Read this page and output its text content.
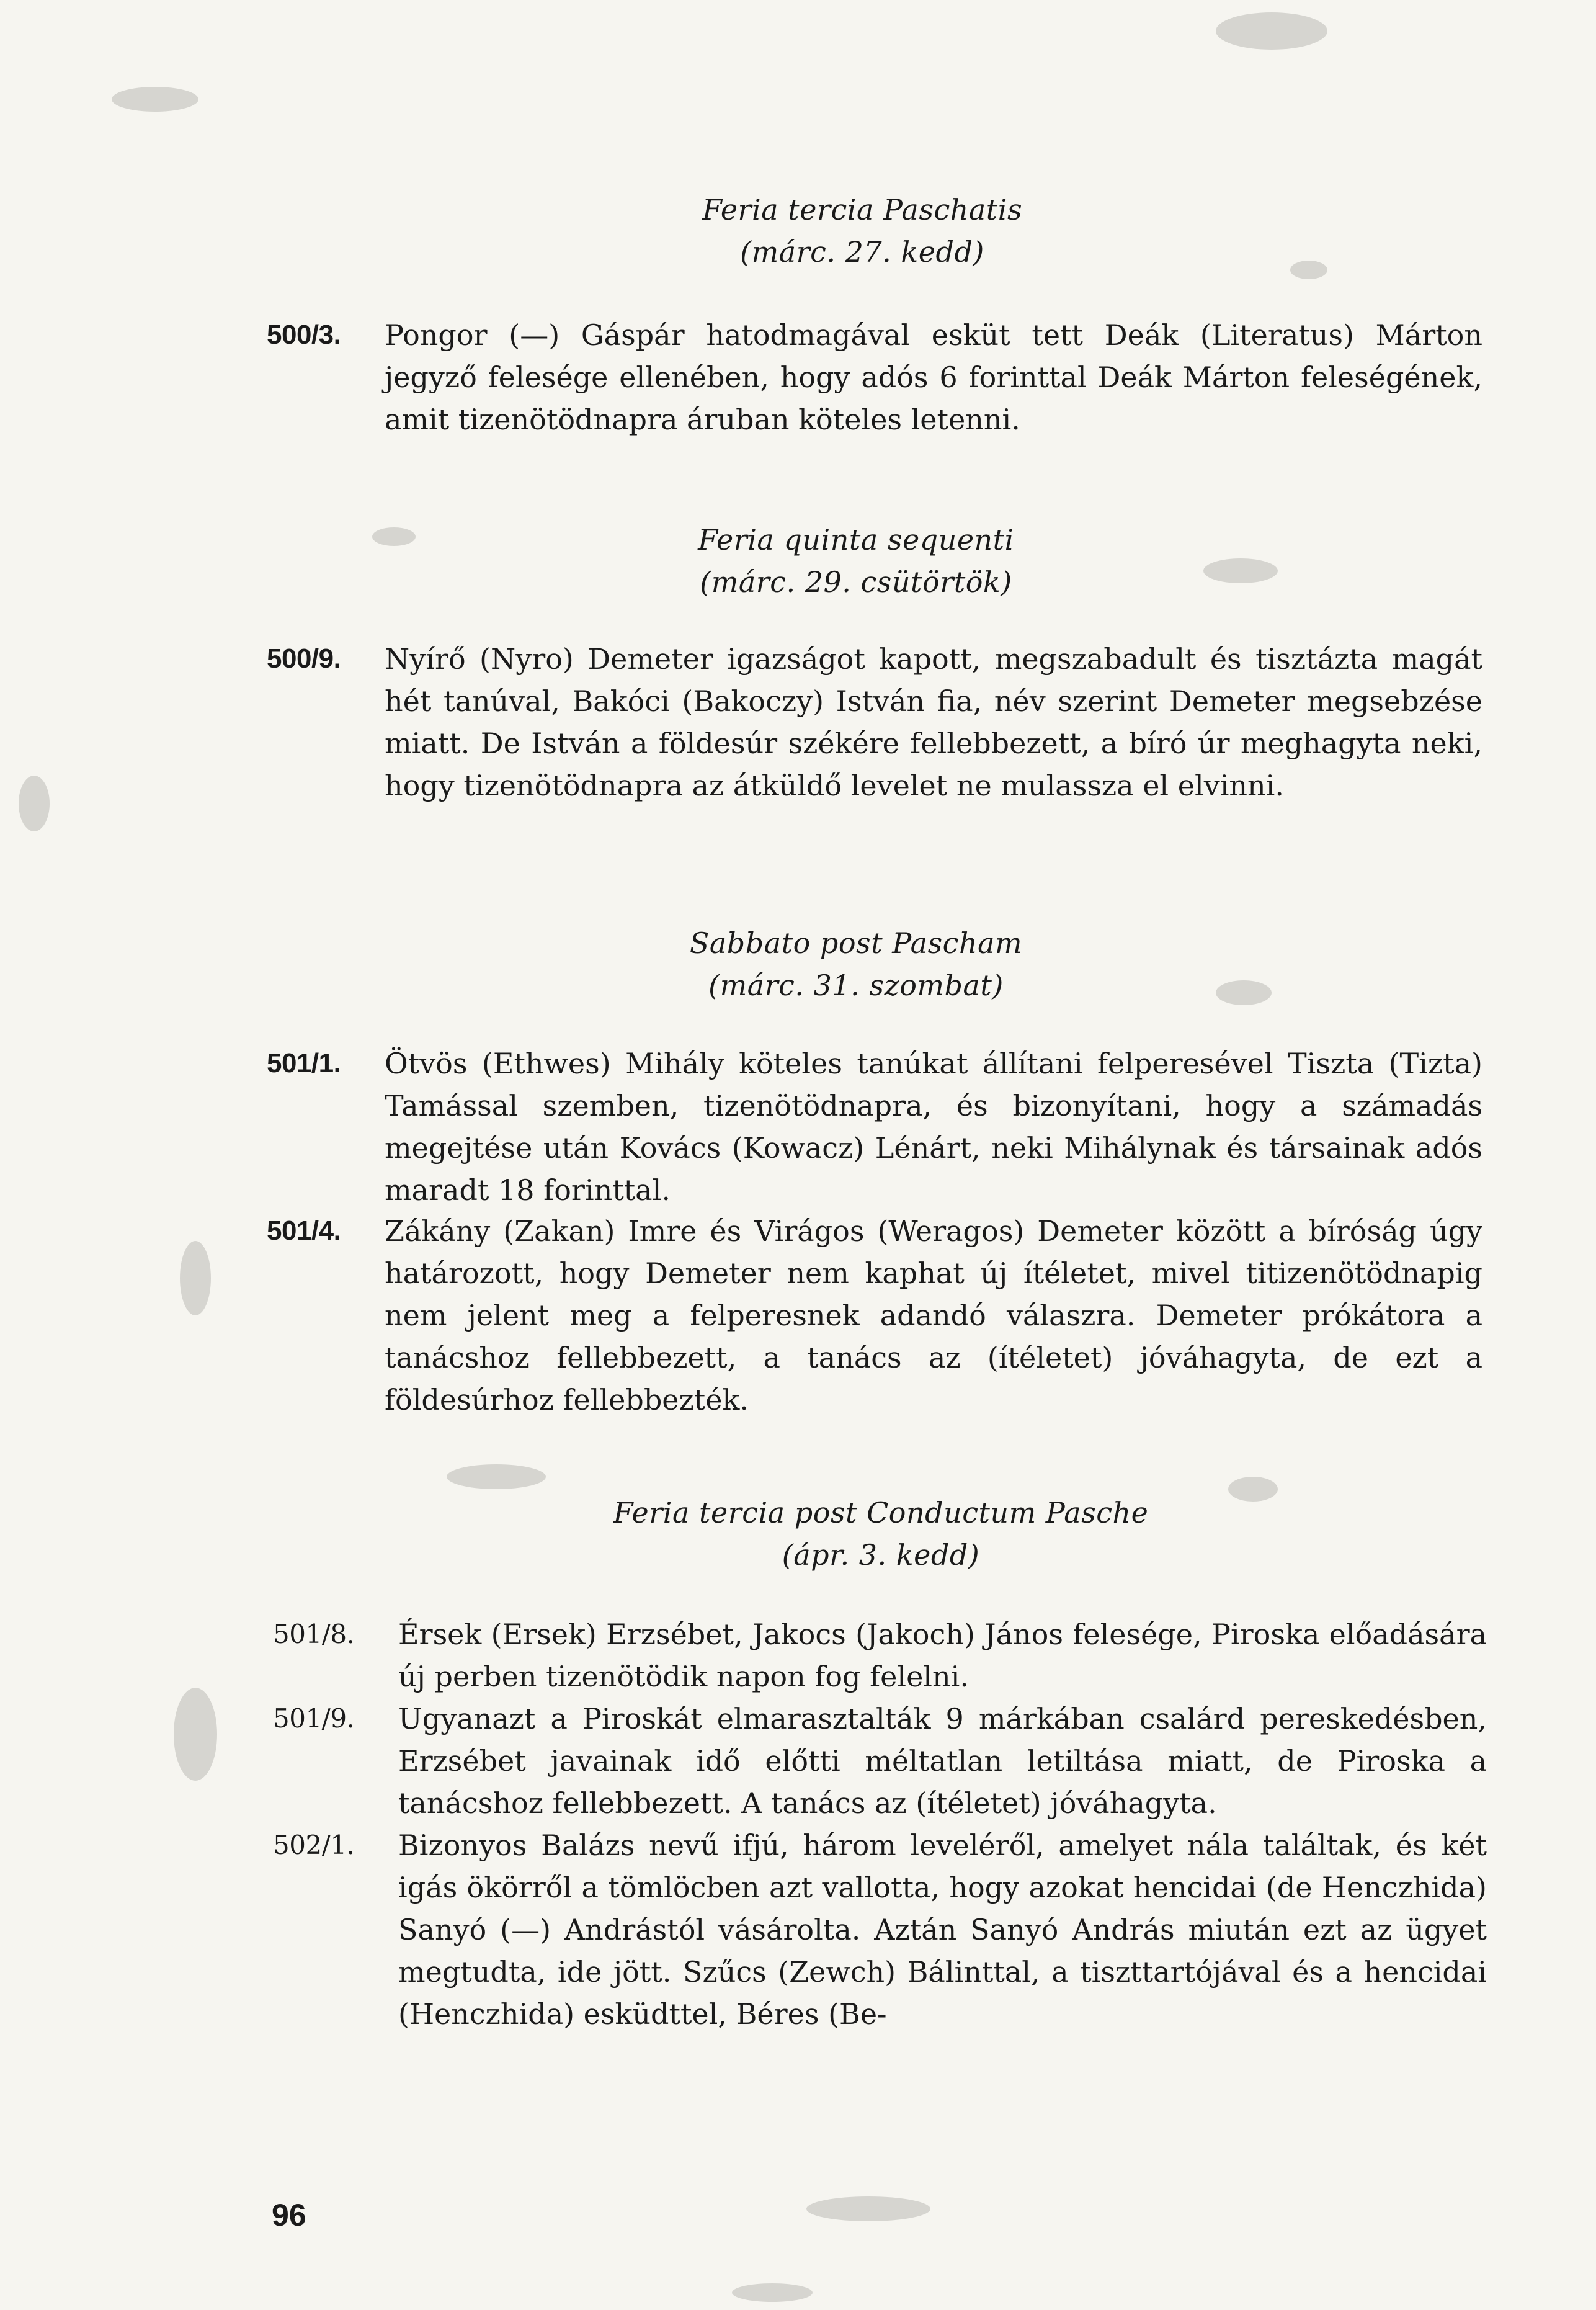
Feria tercia Paschatis
(márc. 27. kedd)
500/3. Pongor (—) Gáspár hatodmagával esküt tett Deák (Literatus) Márton jegyző felesége ellenében, hogy adós 6 forinttal Deák Márton feleségének, amit tizenötödnapra áruban köteles letenni.
Feria quinta sequenti
(márc. 29. csütörtök)
500/9. Nyírő (Nyro) Demeter igazságot kapott, megszabadult és tisztázta magát hét tanúval, Bakóci (Bakoczy) István fia, név szerint Demeter megsebzése miatt. De István a földesúr székére fellebbezett, a bíró úr meghagyta neki, hogy tizenötödnapra az átküldő levelet ne mulassza el elvinni.
Sabbato post Pascham
(márc. 31. szombat)
501/1. Ötvös (Ethwes) Mihály köteles tanúkat állítani felperesével Tiszta (Tizta) Tamással szemben, tizenötödnapra, és bizonyítani, hogy a számadás megejtése után Kovács (Kowacz) Lénárt, neki Mihálynak és társainak adós maradt 18 forinttal.
501/4. Zákány (Zakan) Imre és Virágos (Weragos) Demeter között a bíróság úgy határozott, hogy Demeter nem kaphat új ítéletet, mivel titizenötödnapig nem jelent meg a felperesnek adandó válaszra. Demeter prókátora a tanácshoz fellebbezett, a tanács az (ítéletet) jóváhagyta, de ezt a földesúrhoz fellebbezték.
Feria tercia post Conductum Pasche
(ápr. 3. kedd)
501/8. Érsek (Ersek) Erzsébet, Jakocs (Jakoch) János felesége, Piroska előadására új perben tizenötödik napon fog felelni.
501/9. Ugyanazt a Piroskát elmarasztalták 9 márkában csalárd pereskedésben, Erzsébet javainak idő előtti méltatlan letiltása miatt, de Piroska a tanácshoz fellebbezett. A tanács az (ítéletet) jóváhagyta.
502/1. Bizonyos Balázs nevű ifjú, három leveléről, amelyet nála találtak, és két igás ökörről a tömlöcben azt vallotta, hogy azokat hencidai (de Henczhida) Sanyó (—) Andrástól vásárolta. Aztán Sanyó András miután ezt az ügyet megtudta, ide jött. Szűcs (Zewch) Bálinttal, a tiszttartójával és a hencidai (Henczhida) esküdttel, Béres (Be-
96
